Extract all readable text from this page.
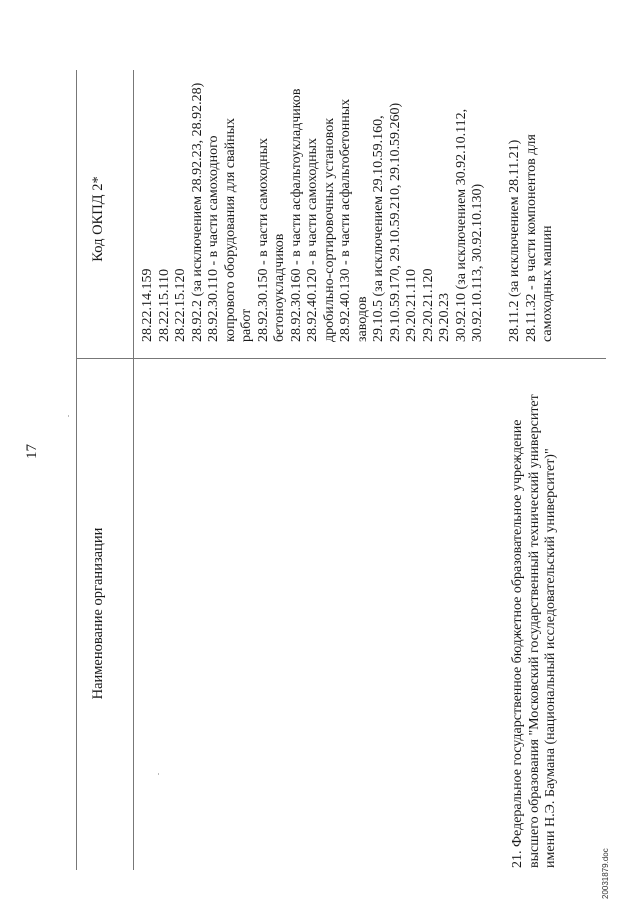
17
Наименование организации
Код ОКПД 2*
28.22.14.159 28.22.15.110 28.22.15.120 28.92.2 (за исключением 28.92.23, 28.92.28) 28.92.30.110 - в части самоходного копрового оборудования для свайных работ 28.92.30.150 - в части самоходных бетоноукладчиков 28.92.30.160 - в части асфальтоукладчиков 28.92.40.120 - в части самоходных дробильно-сортировочных установок 28.92.40.130 - в части асфальтобетонных заводов 29.10.5 (за исключением 29.10.59.160, 29.10.59.170, 29.10.59.210, 29.10.59.260) 29.20.21.110 29.20.21.120 29.20.23 30.92.10 (за исключением 30.92.10.112, 30.92.10.113, 30.92.10.130)
21. Федеральное государственное бюджетное образовательное учреждение высшего образования "Московский государственный технический университет имени Н.Э. Баумана (национальный исследовательский университет)"
28.11.2 (за исключением 28.11.21) 28.11.32 - в части компонентов для самоходных машин
20031879.doc
